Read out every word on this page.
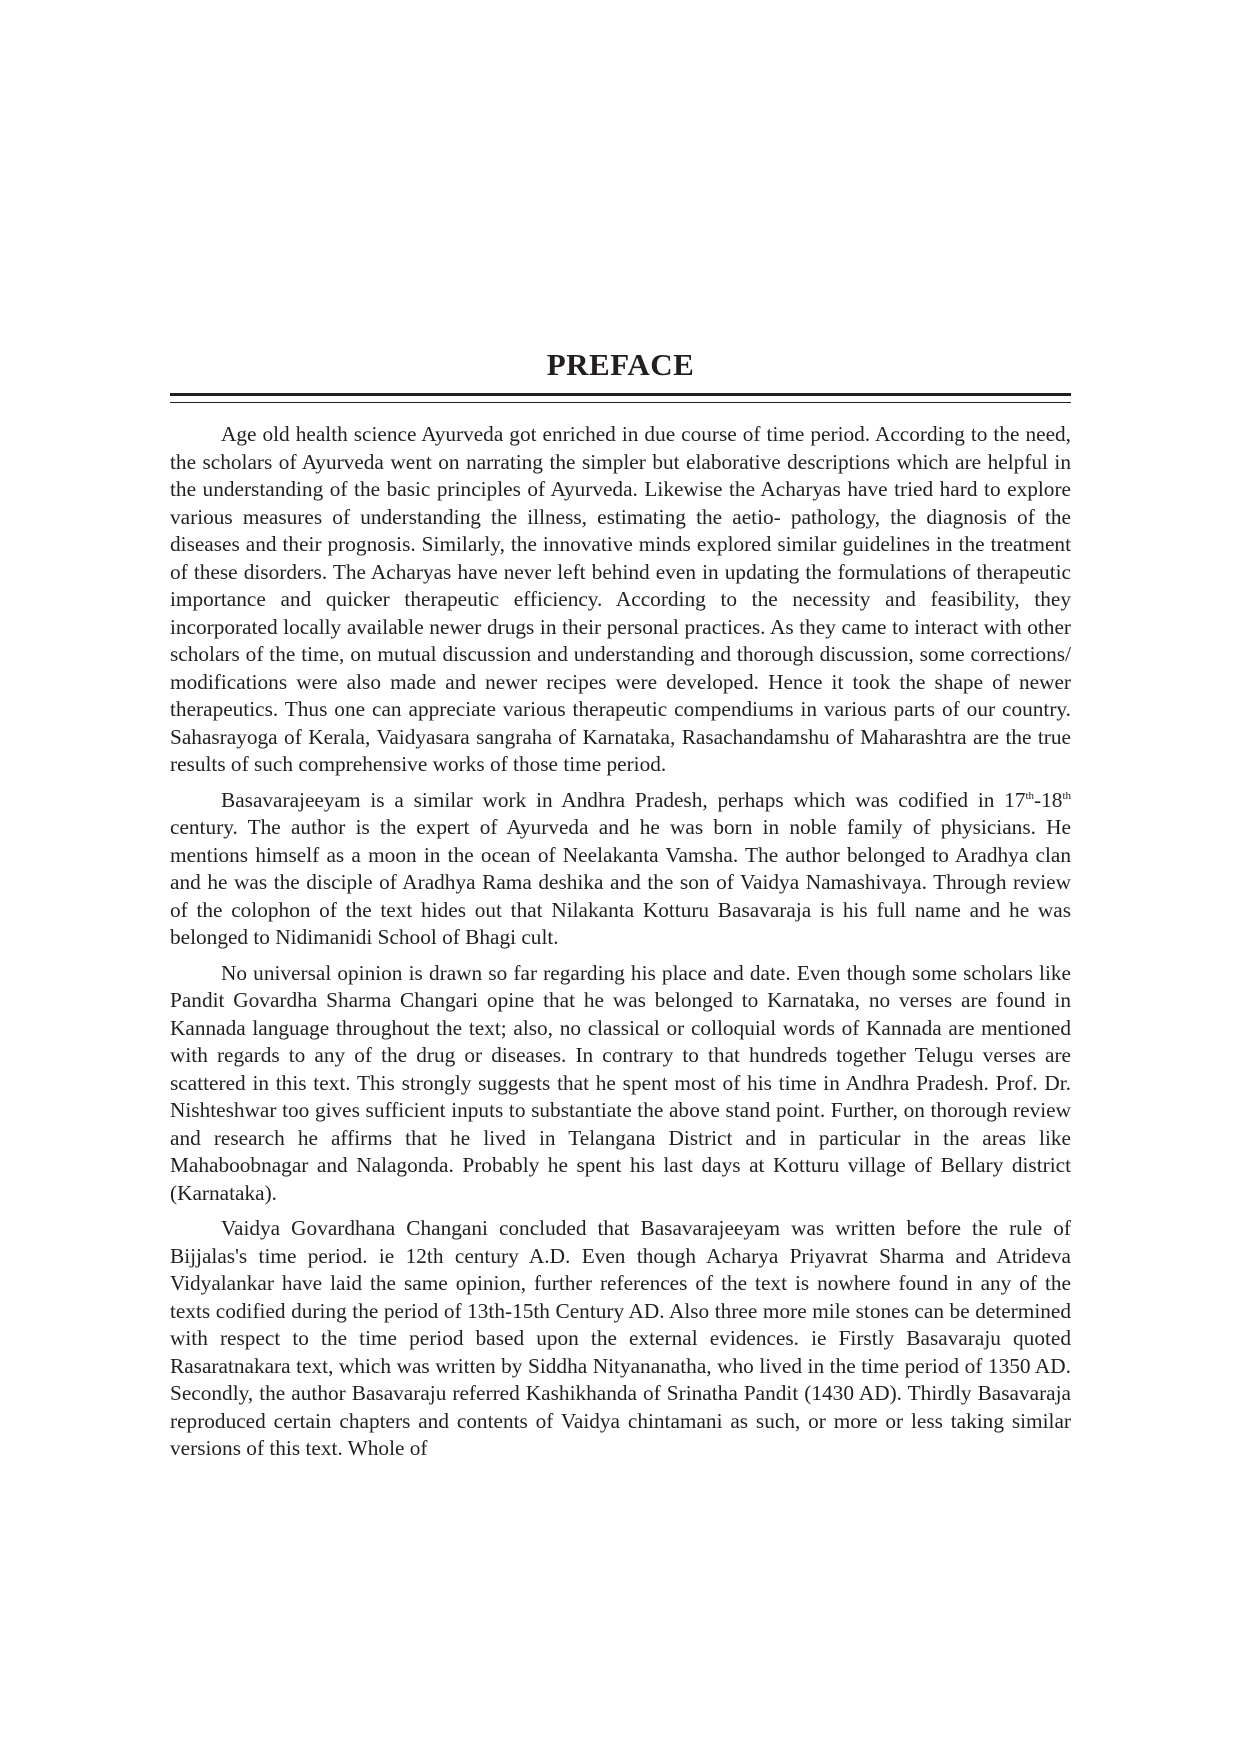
PREFACE

Age old health science Ayurveda got enriched in due course of time period. According to the need, the scholars of Ayurveda went on narrating the simpler but elaborative descriptions which are helpful in the understanding of the basic principles of Ayurveda. Likewise the Acharyas have tried hard to explore various measures of understanding the illness, estimating the aetio- pathology, the diagnosis of the diseases and their prognosis. Similarly, the innovative minds explored similar guidelines in the treatment of these disorders. The Acharyas have never left behind even in updating the formulations of therapeutic importance and quicker therapeutic efficiency. According to the necessity and feasibility, they incorporated locally available newer drugs in their personal practices. As they came to interact with other scholars of the time, on mutual discussion and understanding and thorough discussion, some corrections/ modifications were also made and newer recipes were developed. Hence it took the shape of newer therapeutics. Thus one can appreciate various therapeutic compendiums in various parts of our country. Sahasrayoga of Kerala, Vaidyasara sangraha of Karnataka, Rasachandamshu of Maharashtra are the true results of such comprehensive works of those time period.

Basavarajeeyam is a similar work in Andhra Pradesh, perhaps which was codified in 17th-18th century. The author is the expert of Ayurveda and he was born in noble family of physicians. He mentions himself as a moon in the ocean of Neelakanta Vamsha. The author belonged to Aradhya clan and he was the disciple of Aradhya Rama deshika and the son of Vaidya Namashivaya. Through review of the colophon of the text hides out that Nilakanta Kotturu Basavaraja is his full name and he was belonged to Nidimanidi School of Bhagi cult.

No universal opinion is drawn so far regarding his place and date. Even though some scholars like Pandit Govardha Sharma Changari opine that he was belonged to Karnataka, no verses are found in Kannada language throughout the text; also, no classical or colloquial words of Kannada are mentioned with regards to any of the drug or diseases. In contrary to that hundreds together Telugu verses are scattered in this text. This strongly suggests that he spent most of his time in Andhra Pradesh. Prof. Dr. Nishteshwar too gives sufficient inputs to substantiate the above stand point. Further, on thorough review and research he affirms that he lived in Telangana District and in particular in the areas like Mahaboobnagar and Nalagonda. Probably he spent his last days at Kotturu village of Bellary district (Karnataka).

Vaidya Govardhana Changani concluded that Basavarajeeyam was written before the rule of Bijjalas's time period. ie 12th century A.D. Even though Acharya Priyavrat Sharma and Atrideva Vidyalankar have laid the same opinion, further references of the text is nowhere found in any of the texts codified during the period of 13th-15th Century AD. Also three more mile stones can be determined with respect to the time period based upon the external evidences. ie Firstly Basavaraju quoted Rasaratnakara text, which was written by Siddha Nityananatha, who lived in the time period of 1350 AD. Secondly, the author Basavaraju referred Kashikhanda of Srinatha Pandit (1430 AD). Thirdly Basavaraja reproduced certain chapters and contents of Vaidya chintamani as such, or more or less taking similar versions of this text. Whole of
